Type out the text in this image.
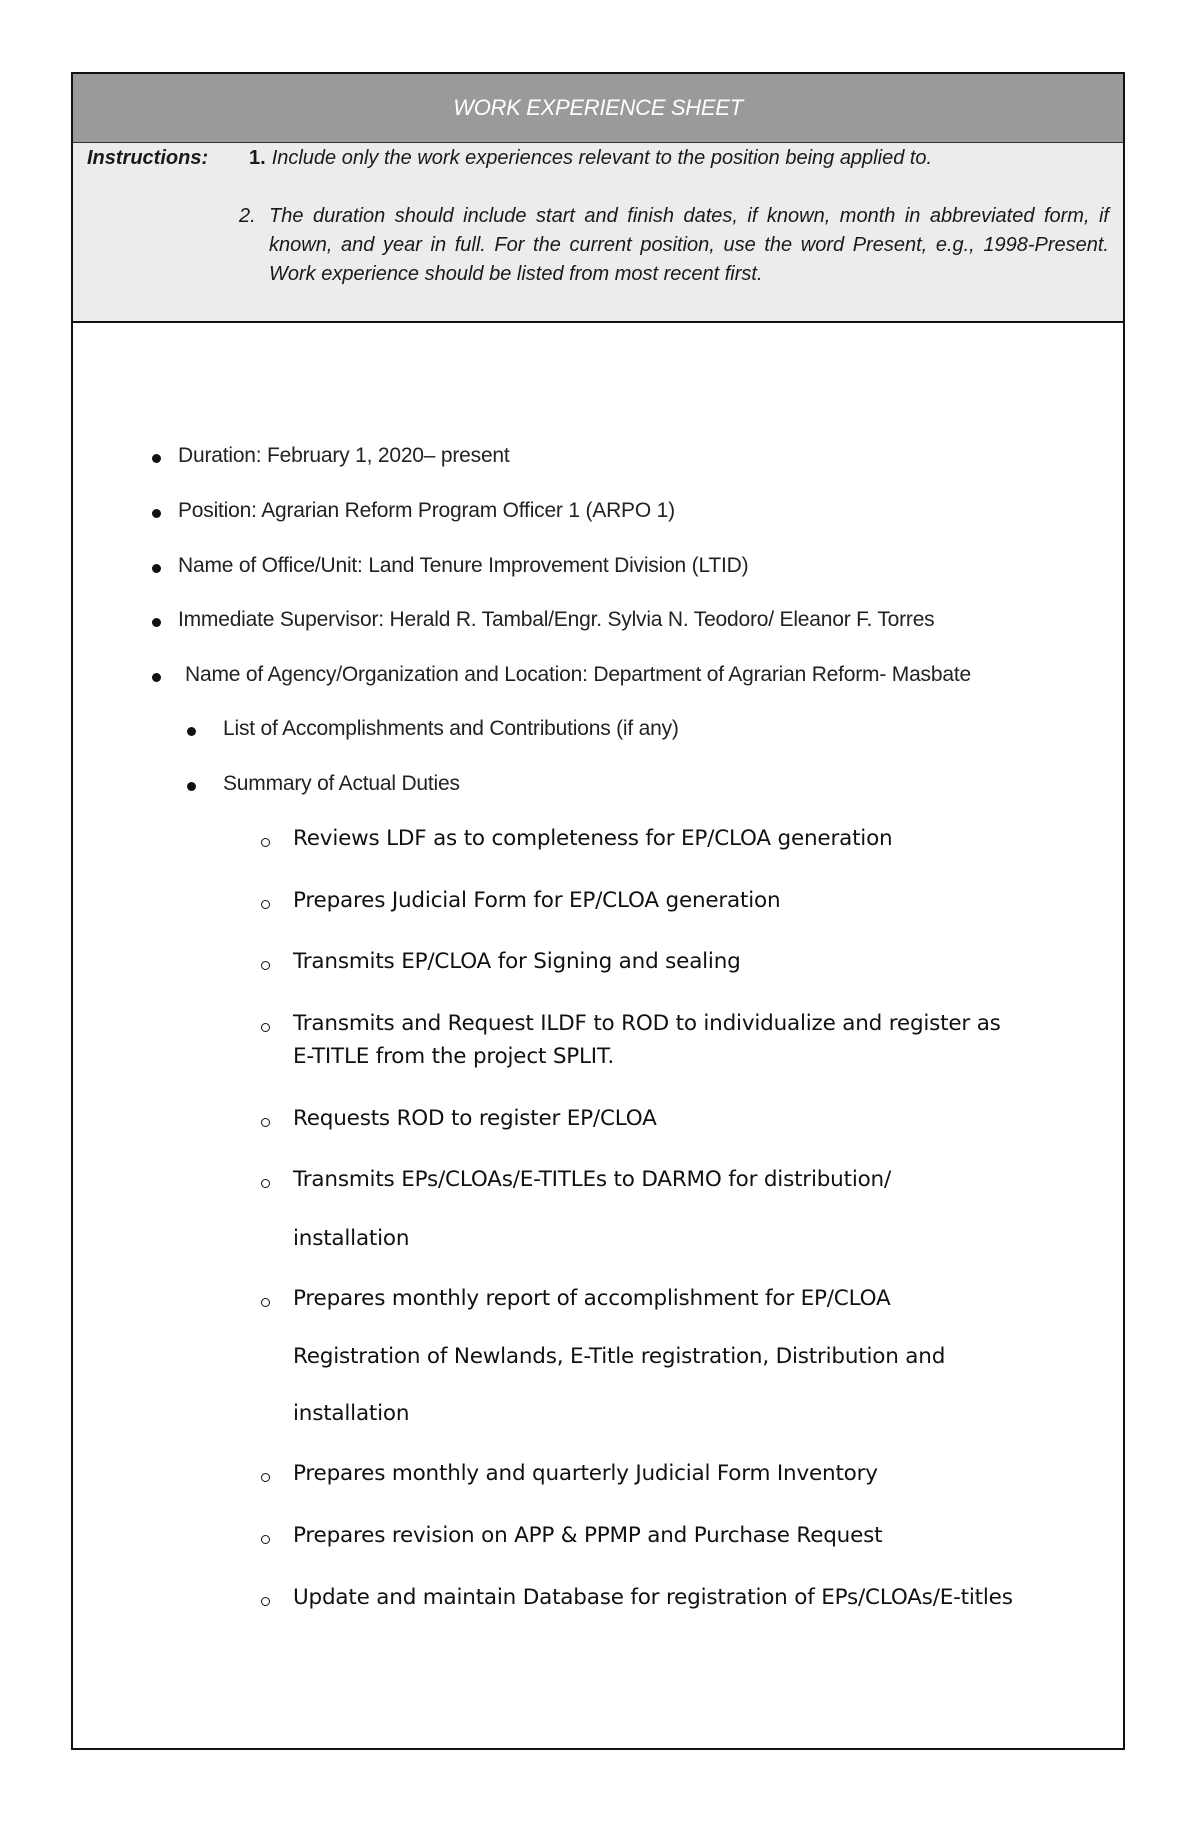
WORK EXPERIENCE SHEET
Instructions: 1. Include only the work experiences relevant to the position being applied to.
2. The duration should include start and finish dates, if known, month in abbreviated form, if known, and year in full. For the current position, use the word Present, e.g., 1998-Present. Work experience should be listed from most recent first.
Duration: February 1, 2020– present
Position: Agrarian Reform Program Officer 1 (ARPO 1)
Name of Office/Unit: Land Tenure Improvement Division (LTID)
Immediate Supervisor: Herald R. Tambal/Engr. Sylvia N. Teodoro/ Eleanor F. Torres
Name of Agency/Organization and Location: Department of Agrarian Reform- Masbate
List of Accomplishments and Contributions (if any)
Summary of Actual Duties
Reviews LDF as to completeness for EP/CLOA generation
Prepares Judicial Form for EP/CLOA generation
Transmits EP/CLOA for Signing and sealing
Transmits and Request ILDF to ROD to individualize and register as
E-TITLE from the project SPLIT.
Requests ROD to register EP/CLOA
Transmits EPs/CLOAs/E-TITLEs to DARMO for distribution/
installation
Prepares monthly report of accomplishment for EP/CLOA
Registration of Newlands, E-Title registration, Distribution and
installation
Prepares monthly and quarterly Judicial Form Inventory
Prepares revision on APP & PPMP and Purchase Request
Update and maintain Database for registration of EPs/CLOAs/E-titles
